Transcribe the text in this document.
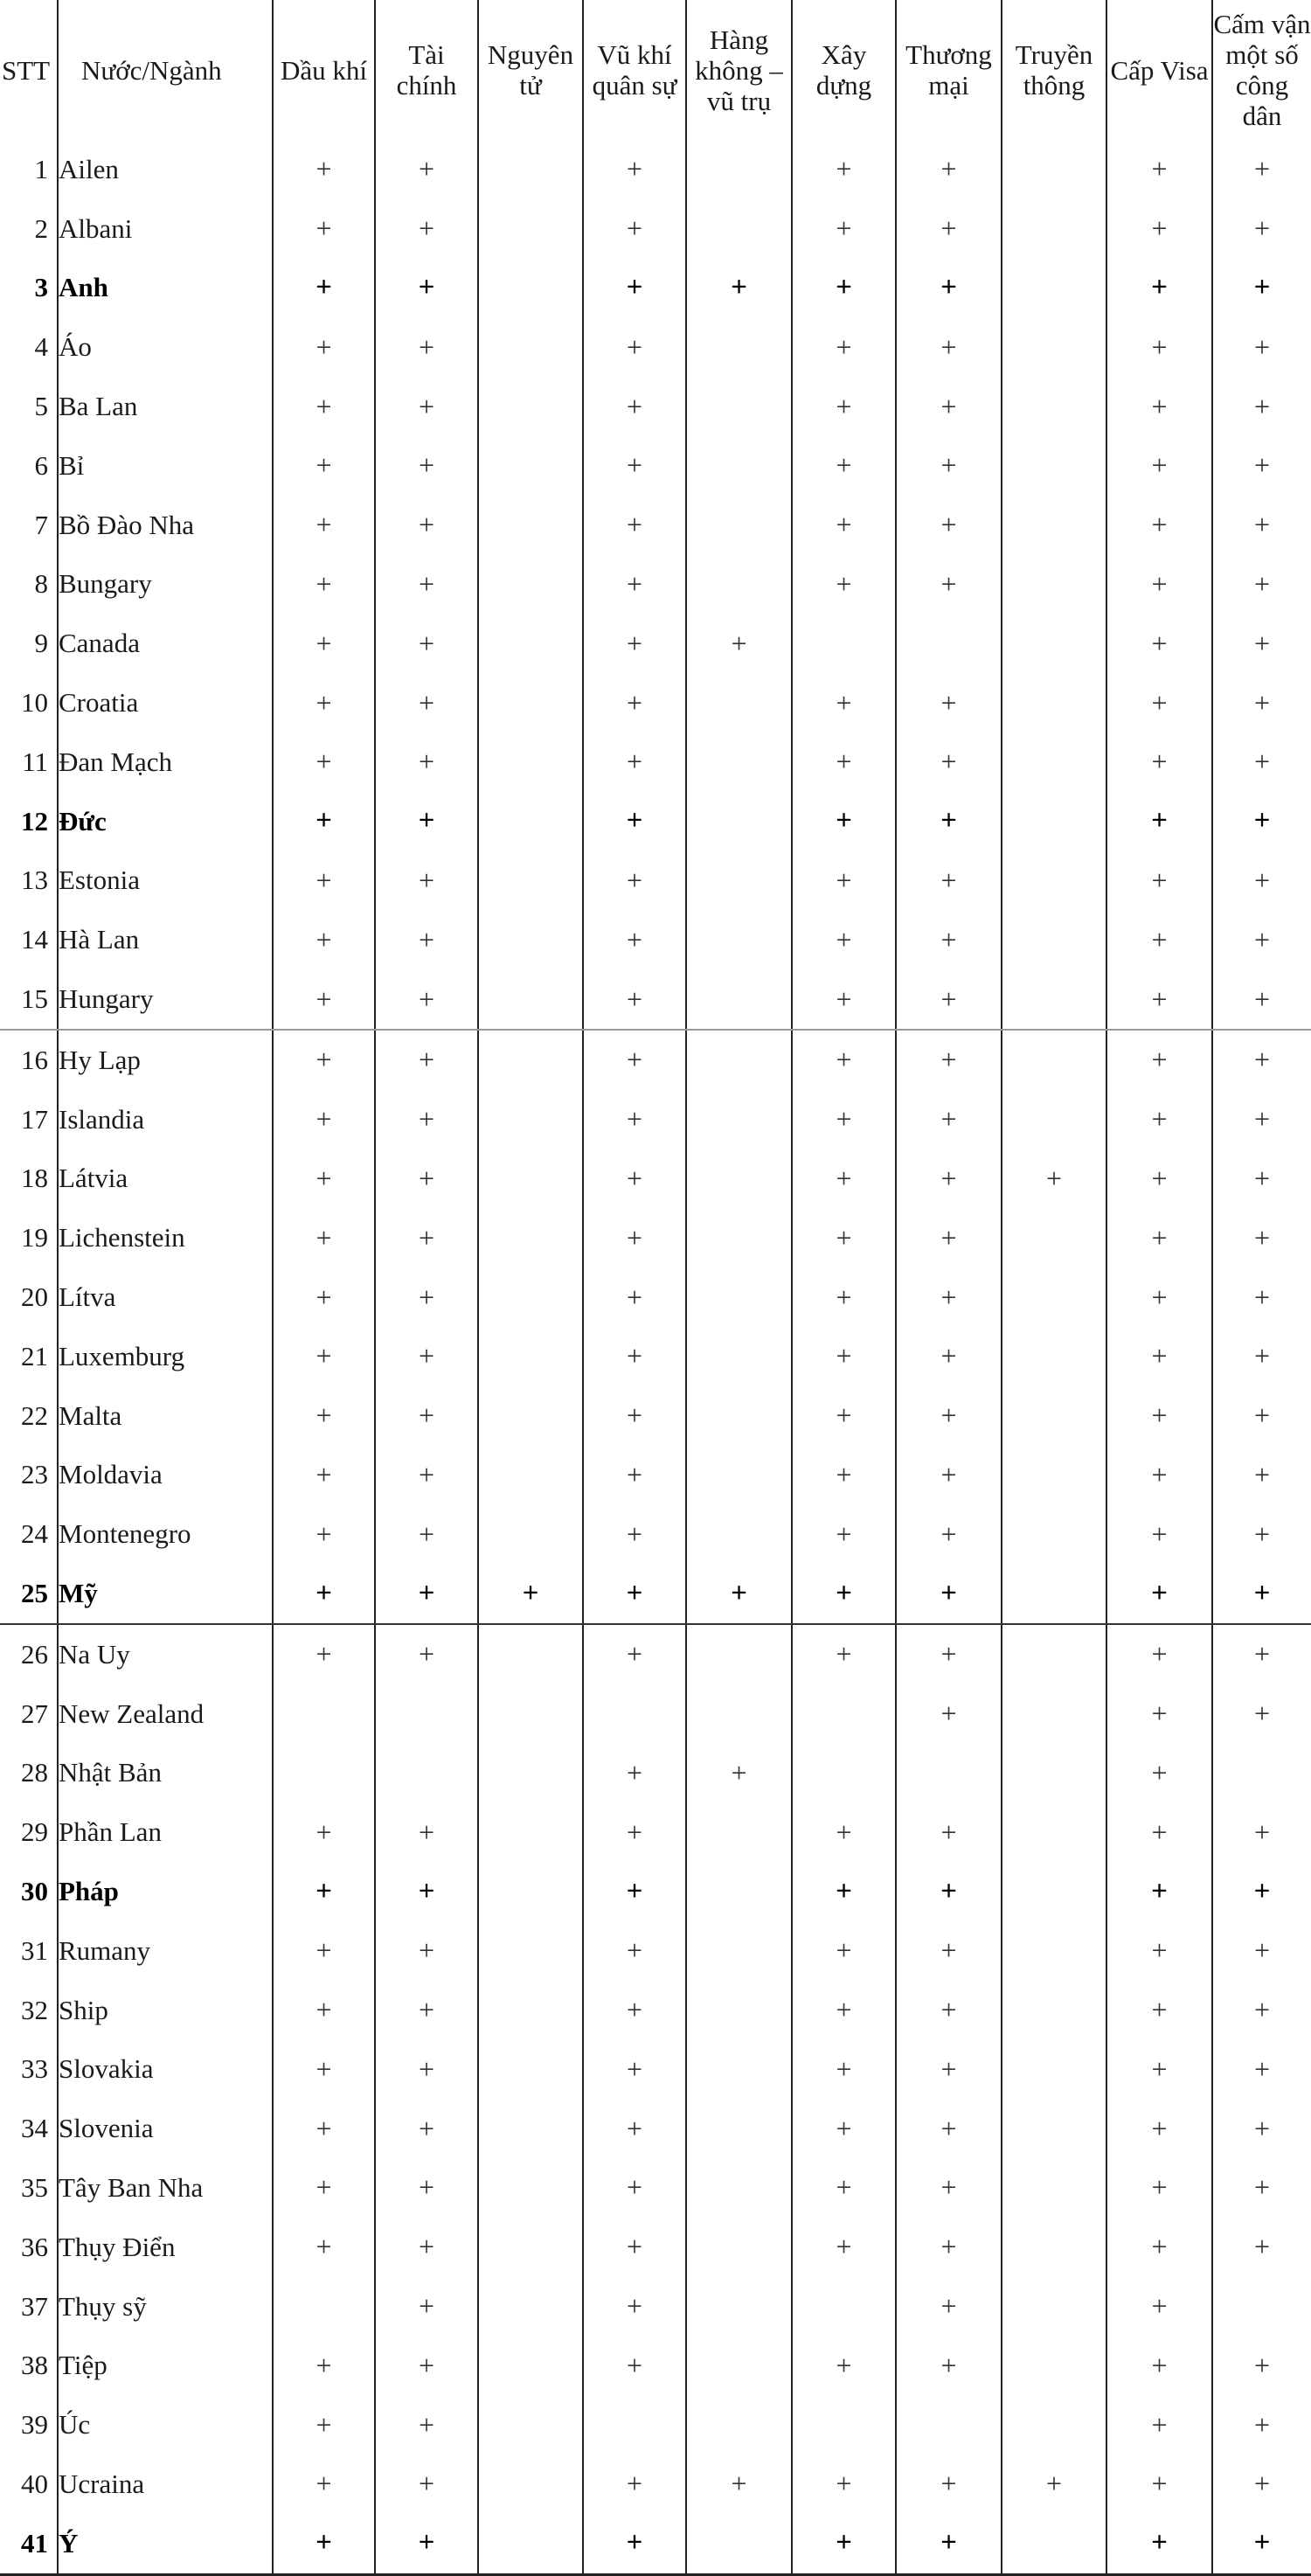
STT	Nước/Ngành	Dầu khí	Tài chính	Nguyên tử	Vũ khí quân sự	Hàng không – vũ trụ	Xây dựng	Thương mại	Truyền thông	Cấp Visa	Cấm vận một số công dân
1	Ailen	+	+		+		+	+		+	+
2	Albani	+	+		+		+	+		+	+
3	Anh	+	+		+	+	+	+		+	+
4	Áo	+	+		+		+	+		+	+
5	Ba Lan	+	+		+		+	+		+	+
6	Bỉ	+	+		+		+	+		+	+
7	Bồ Đào Nha	+	+		+		+	+		+	+
8	Bungary	+	+		+		+	+		+	+
9	Canada	+	+		+	+				+	+
10	Croatia	+	+		+		+	+		+	+
11	Đan Mạch	+	+		+		+	+		+	+
12	Đức	+	+		+		+	+		+	+
13	Estonia	+	+		+		+	+		+	+
14	Hà Lan	+	+		+		+	+		+	+
15	Hungary	+	+		+		+	+		+	+
16	Hy Lạp	+	+		+		+	+		+	+
17	Islandia	+	+		+		+	+		+	+
18	Látvia	+	+		+		+	+	+	+	+
19	Lichenstein	+	+		+		+	+		+	+
20	Lítva	+	+		+		+	+		+	+
21	Luxemburg	+	+		+		+	+		+	+
22	Malta	+	+		+		+	+		+	+
23	Moldavia	+	+		+		+	+		+	+
24	Montenegro	+	+		+		+	+		+	+
25	Mỹ	+	+	+	+	+	+	+		+	+
26	Na Uy	+	+		+		+	+		+	+
27	New Zealand							+		+	+
28	Nhật Bản				+	+				+	
29	Phần Lan	+	+		+		+	+		+	+
30	Pháp	+	+		+		+	+		+	+
31	Rumany	+	+		+		+	+		+	+
32	Ship	+	+		+		+	+		+	+
33	Slovakia	+	+		+		+	+		+	+
34	Slovenia	+	+		+		+	+		+	+
35	Tây Ban Nha	+	+		+		+	+		+	+
36	Thụy Điển	+	+		+		+	+		+	+
37	Thụy sỹ		+		+			+		+	
38	Tiệp	+	+		+		+	+		+	+
39	Úc	+	+							+	+
40	Ucraina	+	+		+	+	+	+	+	+	+
41	Ý	+	+		+		+	+		+	+
